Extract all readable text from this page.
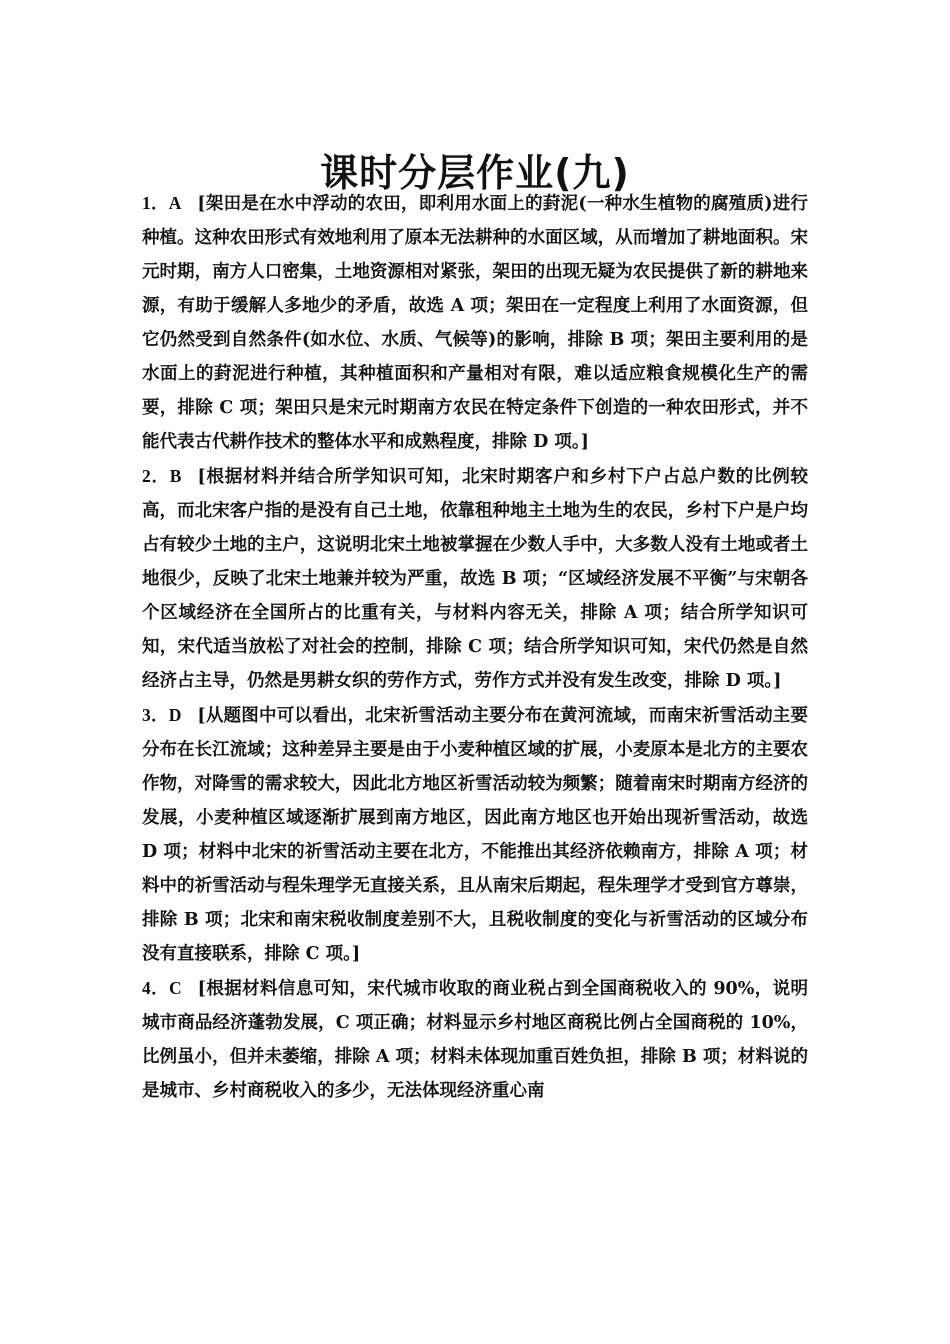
课时分层作业(九)

1．A [架田是在水中浮动的农田，即利用水面上的葑泥(一种水生植物的腐殖质)进行种植。这种农田形式有效地利用了原本无法耕种的水面区域，从而增加了耕地面积。宋元时期，南方人口密集，土地资源相对紧张，架田的出现无疑为农民提供了新的耕地来源，有助于缓解人多地少的矛盾，故选 A 项；架田在一定程度上利用了水面资源，但它仍然受到自然条件(如水位、水质、气候等)的影响，排除 B 项；架田主要利用的是水面上的葑泥进行种植，其种植面积和产量相对有限，难以适应粮食规模化生产的需要，排除 C 项；架田只是宋元时期南方农民在特定条件下创造的一种农田形式，并不能代表古代耕作技术的整体水平和成熟程度，排除 D 项。]

2．B [根据材料并结合所学知识可知，北宋时期客户和乡村下户占总户数的比例较高，而北宋客户指的是没有自己土地，依靠租种地主土地为生的农民，乡村下户是户均占有较少土地的主户，这说明北宋土地被掌握在少数人手中，大多数人没有土地或者土地很少，反映了北宋土地兼并较为严重，故选 B 项；“区域经济发展不平衡”与宋朝各个区域经济在全国所占的比重有关，与材料内容无关，排除 A 项；结合所学知识可知，宋代适当放松了对社会的控制，排除 C 项；结合所学知识可知，宋代仍然是自然经济占主导，仍然是男耕女织的劳作方式，劳作方式并没有发生改变，排除 D 项。]

3．D [从题图中可以看出，北宋祈雪活动主要分布在黄河流域，而南宋祈雪活动主要分布在长江流域；这种差异主要是由于小麦种植区域的扩展，小麦原本是北方的主要农作物，对降雪的需求较大，因此北方地区祈雪活动较为频繁；随着南宋时期南方经济的发展，小麦种植区域逐渐扩展到南方地区，因此南方地区也开始出现祈雪活动，故选 D 项；材料中北宋的祈雪活动主要在北方，不能推出其经济依赖南方，排除 A 项；材料中的祈雪活动与程朱理学无直接关系，且从南宋后期起，程朱理学才受到官方尊崇，排除 B 项；北宋和南宋税收制度差别不大，且税收制度的变化与祈雪活动的区域分布没有直接联系，排除 C 项。]

4．C [根据材料信息可知，宋代城市收取的商业税占到全国商税收入的 90%，说明城市商品经济蓬勃发展，C 项正确；材料显示乡村地区商税比例占全国商税的 10%，比例虽小，但并未萎缩，排除 A 项；材料未体现加重百姓负担，排除 B 项；材料说的是城市、乡村商税收入的多少，无法体现经济重心南
